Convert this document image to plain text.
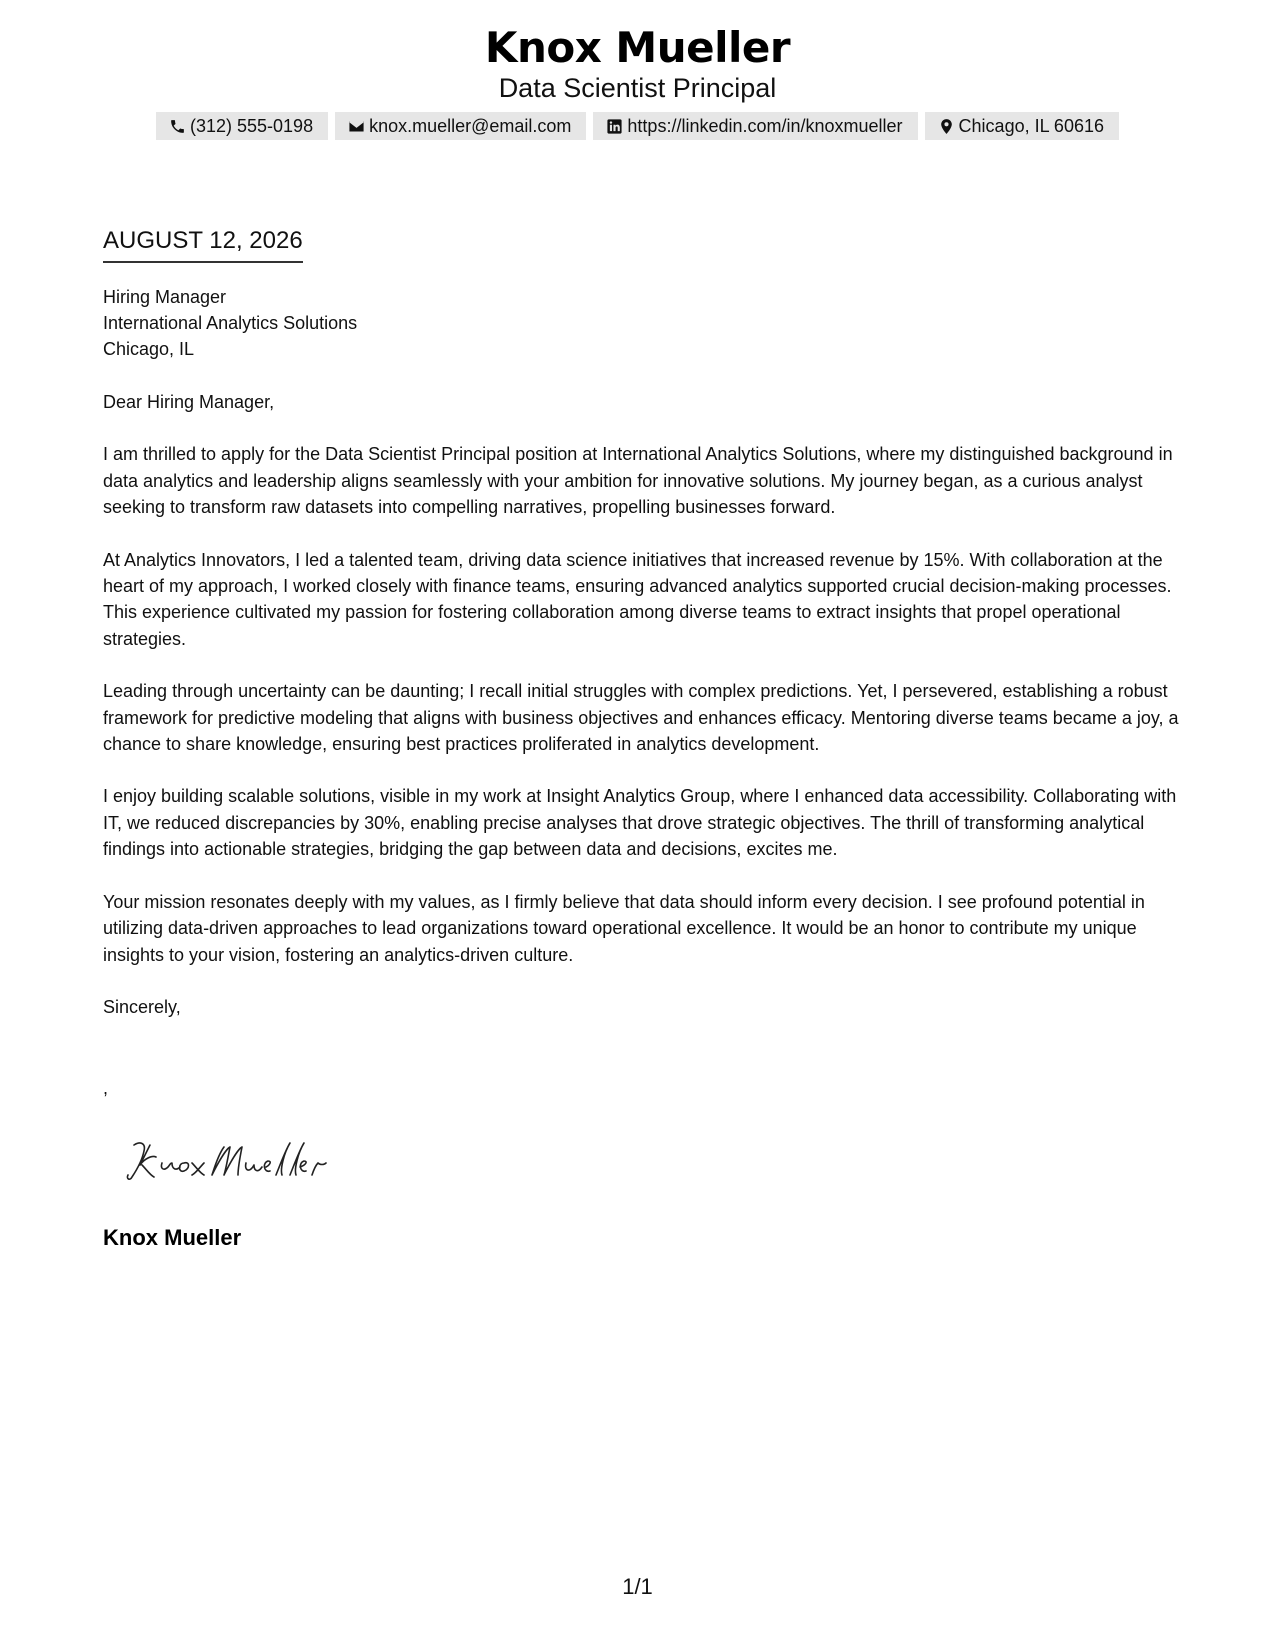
Knox Mueller
Data Scientist Principal
(312) 555-0198	knox.mueller@email.com	https://linkedin.com/in/knoxmueller	Chicago, IL 60616
AUGUST 12, 2026
Hiring Manager
International Analytics Solutions
Chicago, IL
Dear Hiring Manager,

I am thrilled to apply for the Data Scientist Principal position at International Analytics Solutions, where my distinguished background in data analytics and leadership aligns seamlessly with your ambition for innovative solutions. My journey began, as a curious analyst seeking to transform raw datasets into compelling narratives, propelling businesses forward.

At Analytics Innovators, I led a talented team, driving data science initiatives that increased revenue by 15%. With collaboration at the heart of my approach, I worked closely with finance teams, ensuring advanced analytics supported crucial decision-making processes. This experience cultivated my passion for fostering collaboration among diverse teams to extract insights that propel operational strategies.

Leading through uncertainty can be daunting; I recall initial struggles with complex predictions. Yet, I persevered, establishing a robust framework for predictive modeling that aligns with business objectives and enhances efficacy. Mentoring diverse teams became a joy, a chance to share knowledge, ensuring best practices proliferated in analytics development.

I enjoy building scalable solutions, visible in my work at Insight Analytics Group, where I enhanced data accessibility. Collaborating with IT, we reduced discrepancies by 30%, enabling precise analyses that drove strategic objectives. The thrill of transforming analytical findings into actionable strategies, bridging the gap between data and decisions, excites me.

Your mission resonates deeply with my values, as I firmly believe that data should inform every decision. I see profound potential in utilizing data-driven approaches to lead organizations toward operational excellence. It would be an honor to contribute my unique insights to your vision, fostering an analytics-driven culture.

Sincerely,
,
Knox Mueller
1/1
